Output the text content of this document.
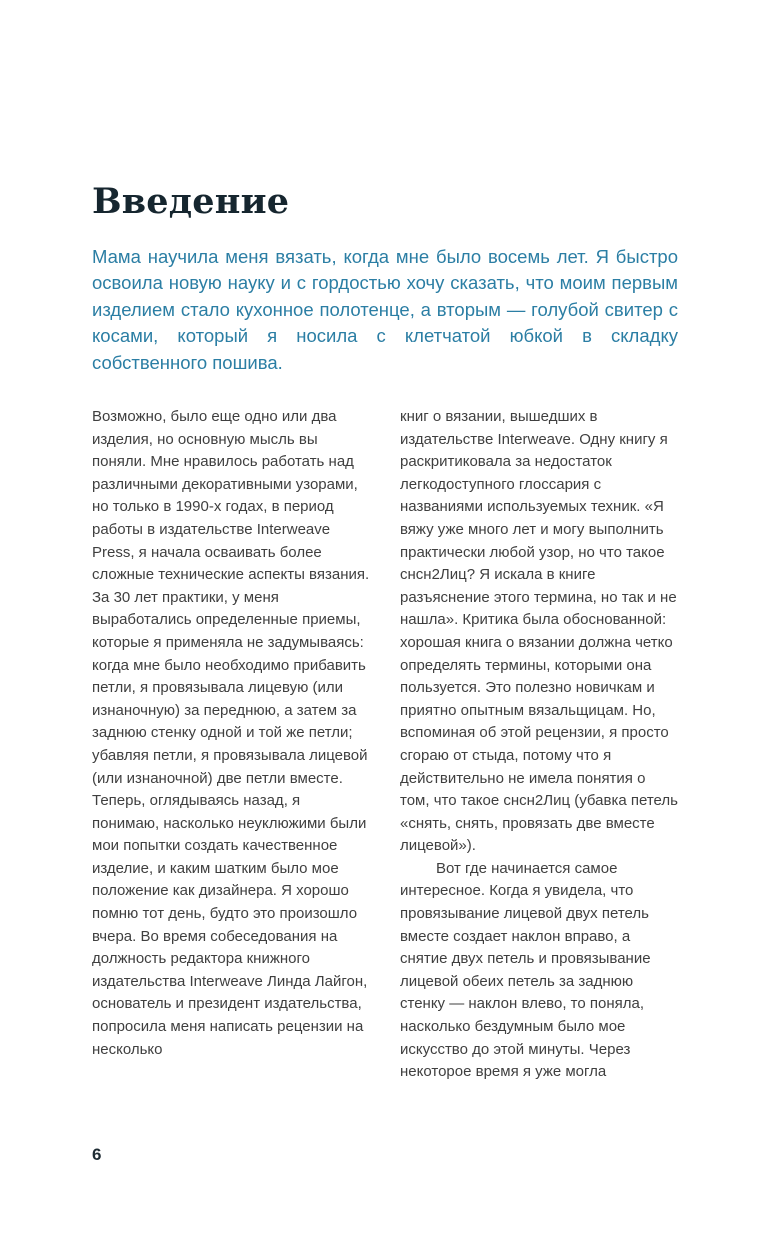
Введение

Мама научила меня вязать, когда мне было восемь лет. Я быстро освоила новую науку и с гордостью хочу сказать, что моим первым изделием стало кухонное полотенце, а вторым — голубой свитер с косами, который я носила с клетчатой юбкой в складку собственного пошива.

Возможно, было еще одно или два изделия, но основную мысль вы поняли. Мне нравилось работать над различными декоративными узорами, но только в 1990-х годах, в период работы в издательстве Interweave Press, я начала осваивать более сложные технические аспекты вязания. За 30 лет практики, у меня выработались определенные приемы, которые я применяла не задумываясь: когда мне было необходимо прибавить петли, я провязывала лицевую (или изнаночную) за переднюю, а затем за заднюю стенку одной и той же петли; убавляя петли, я провязывала лицевой (или изнаночной) две петли вместе. Теперь, оглядываясь назад, я понимаю, насколько неуклюжими были мои попытки создать качественное изделие, и каким шатким было мое положение как дизайнера. Я хорошо помню тот день, будто это произошло вчера. Во время собеседования на должность редактора книжного издательства Interweave Линда Лайгон, основатель и президент издательства, попросила меня написать рецензии на несколько

книг о вязании, вышедших в издательстве Interweave. Одну книгу я раскритиковала за недостаток легкодоступного глоссария с названиями используемых техник. «Я вяжу уже много лет и могу выполнить практически любой узор, но что такое снсн2Лиц? Я искала в книге разъяснение этого термина, но так и не нашла». Критика была обоснованной: хорошая книга о вязании должна четко определять термины, которыми она пользуется. Это полезно новичкам и приятно опытным вязальщицам. Но, вспоминая об этой рецензии, я просто сгораю от стыда, потому что я действительно не имела понятия о том, что такое снсн2Лиц (убавка петель «снять, снять, провязать две вместе лицевой»).

Вот где начинается самое интересное. Когда я увидела, что провязывание лицевой двух петель вместе создает наклон вправо, а снятие двух петель и провязывание лицевой обеих петель за заднюю стенку — наклон влево, то поняла, насколько бездумным было мое искусство до этой минуты. Через некоторое время я уже могла

6
